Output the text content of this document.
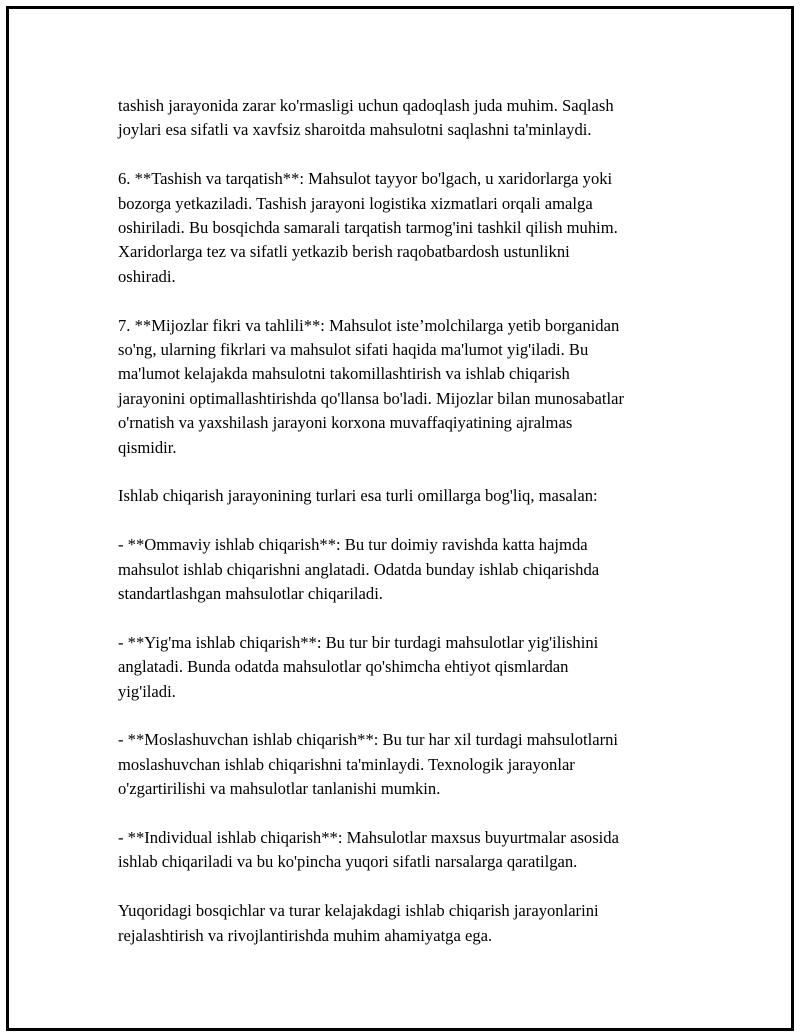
tashish jarayonida zarar ko'rmasligi uchun qadoqlash juda muhim. Saqlash
joylari esa sifatli va xavfsiz sharoitda mahsulotni saqlashni ta'minlaydi.

6. **Tashish va tarqatish**: Mahsulot tayyor bo'lgach, u xaridorlarga yoki
bozorga yetkaziladi. Tashish jarayoni logistika xizmatlari orqali amalga
oshiriladi. Bu bosqichda samarali tarqatish tarmog'ini tashkil qilish muhim.
Xaridorlarga tez va sifatli yetkazib berish raqobatbardosh ustunlikni
oshiradi.

7. **Mijozlar fikri va tahlili**: Mahsulot iste’molchilarga yetib borganidan
so'ng, ularning fikrlari va mahsulot sifati haqida ma'lumot yig'iladi. Bu
ma'lumot kelajakda mahsulotni takomillashtirish va ishlab chiqarish
jarayonini optimallashtirishda qo'llansa bo'ladi. Mijozlar bilan munosabatlar
o'rnatish va yaxshilash jarayoni korxona muvaffaqiyatining ajralmas
qismidir.

Ishlab chiqarish jarayonining turlari esa turli omillarga bog'liq, masalan:

- **Ommaviy ishlab chiqarish**: Bu tur doimiy ravishda katta hajmda
mahsulot ishlab chiqarishni anglatadi. Odatda bunday ishlab chiqarishda
standartlashgan mahsulotlar chiqariladi.

- **Yig'ma ishlab chiqarish**: Bu tur bir turdagi mahsulotlar yig'ilishini
anglatadi. Bunda odatda mahsulotlar qo'shimcha ehtiyot qismlardan
yig'iladi.

- **Moslashuvchan ishlab chiqarish**: Bu tur har xil turdagi mahsulotlarni
moslashuvchan ishlab chiqarishni ta'minlaydi. Texnologik jarayonlar
o'zgartirilishi va mahsulotlar tanlanishi mumkin.

- **Individual ishlab chiqarish**: Mahsulotlar maxsus buyurtmalar asosida
ishlab chiqariladi va bu ko'pincha yuqori sifatli narsalarga qaratilgan.

Yuqoridagi bosqichlar va turar kelajakdagi ishlab chiqarish jarayonlarini
rejalashtirish va rivojlantirishda muhim ahamiyatga ega.
